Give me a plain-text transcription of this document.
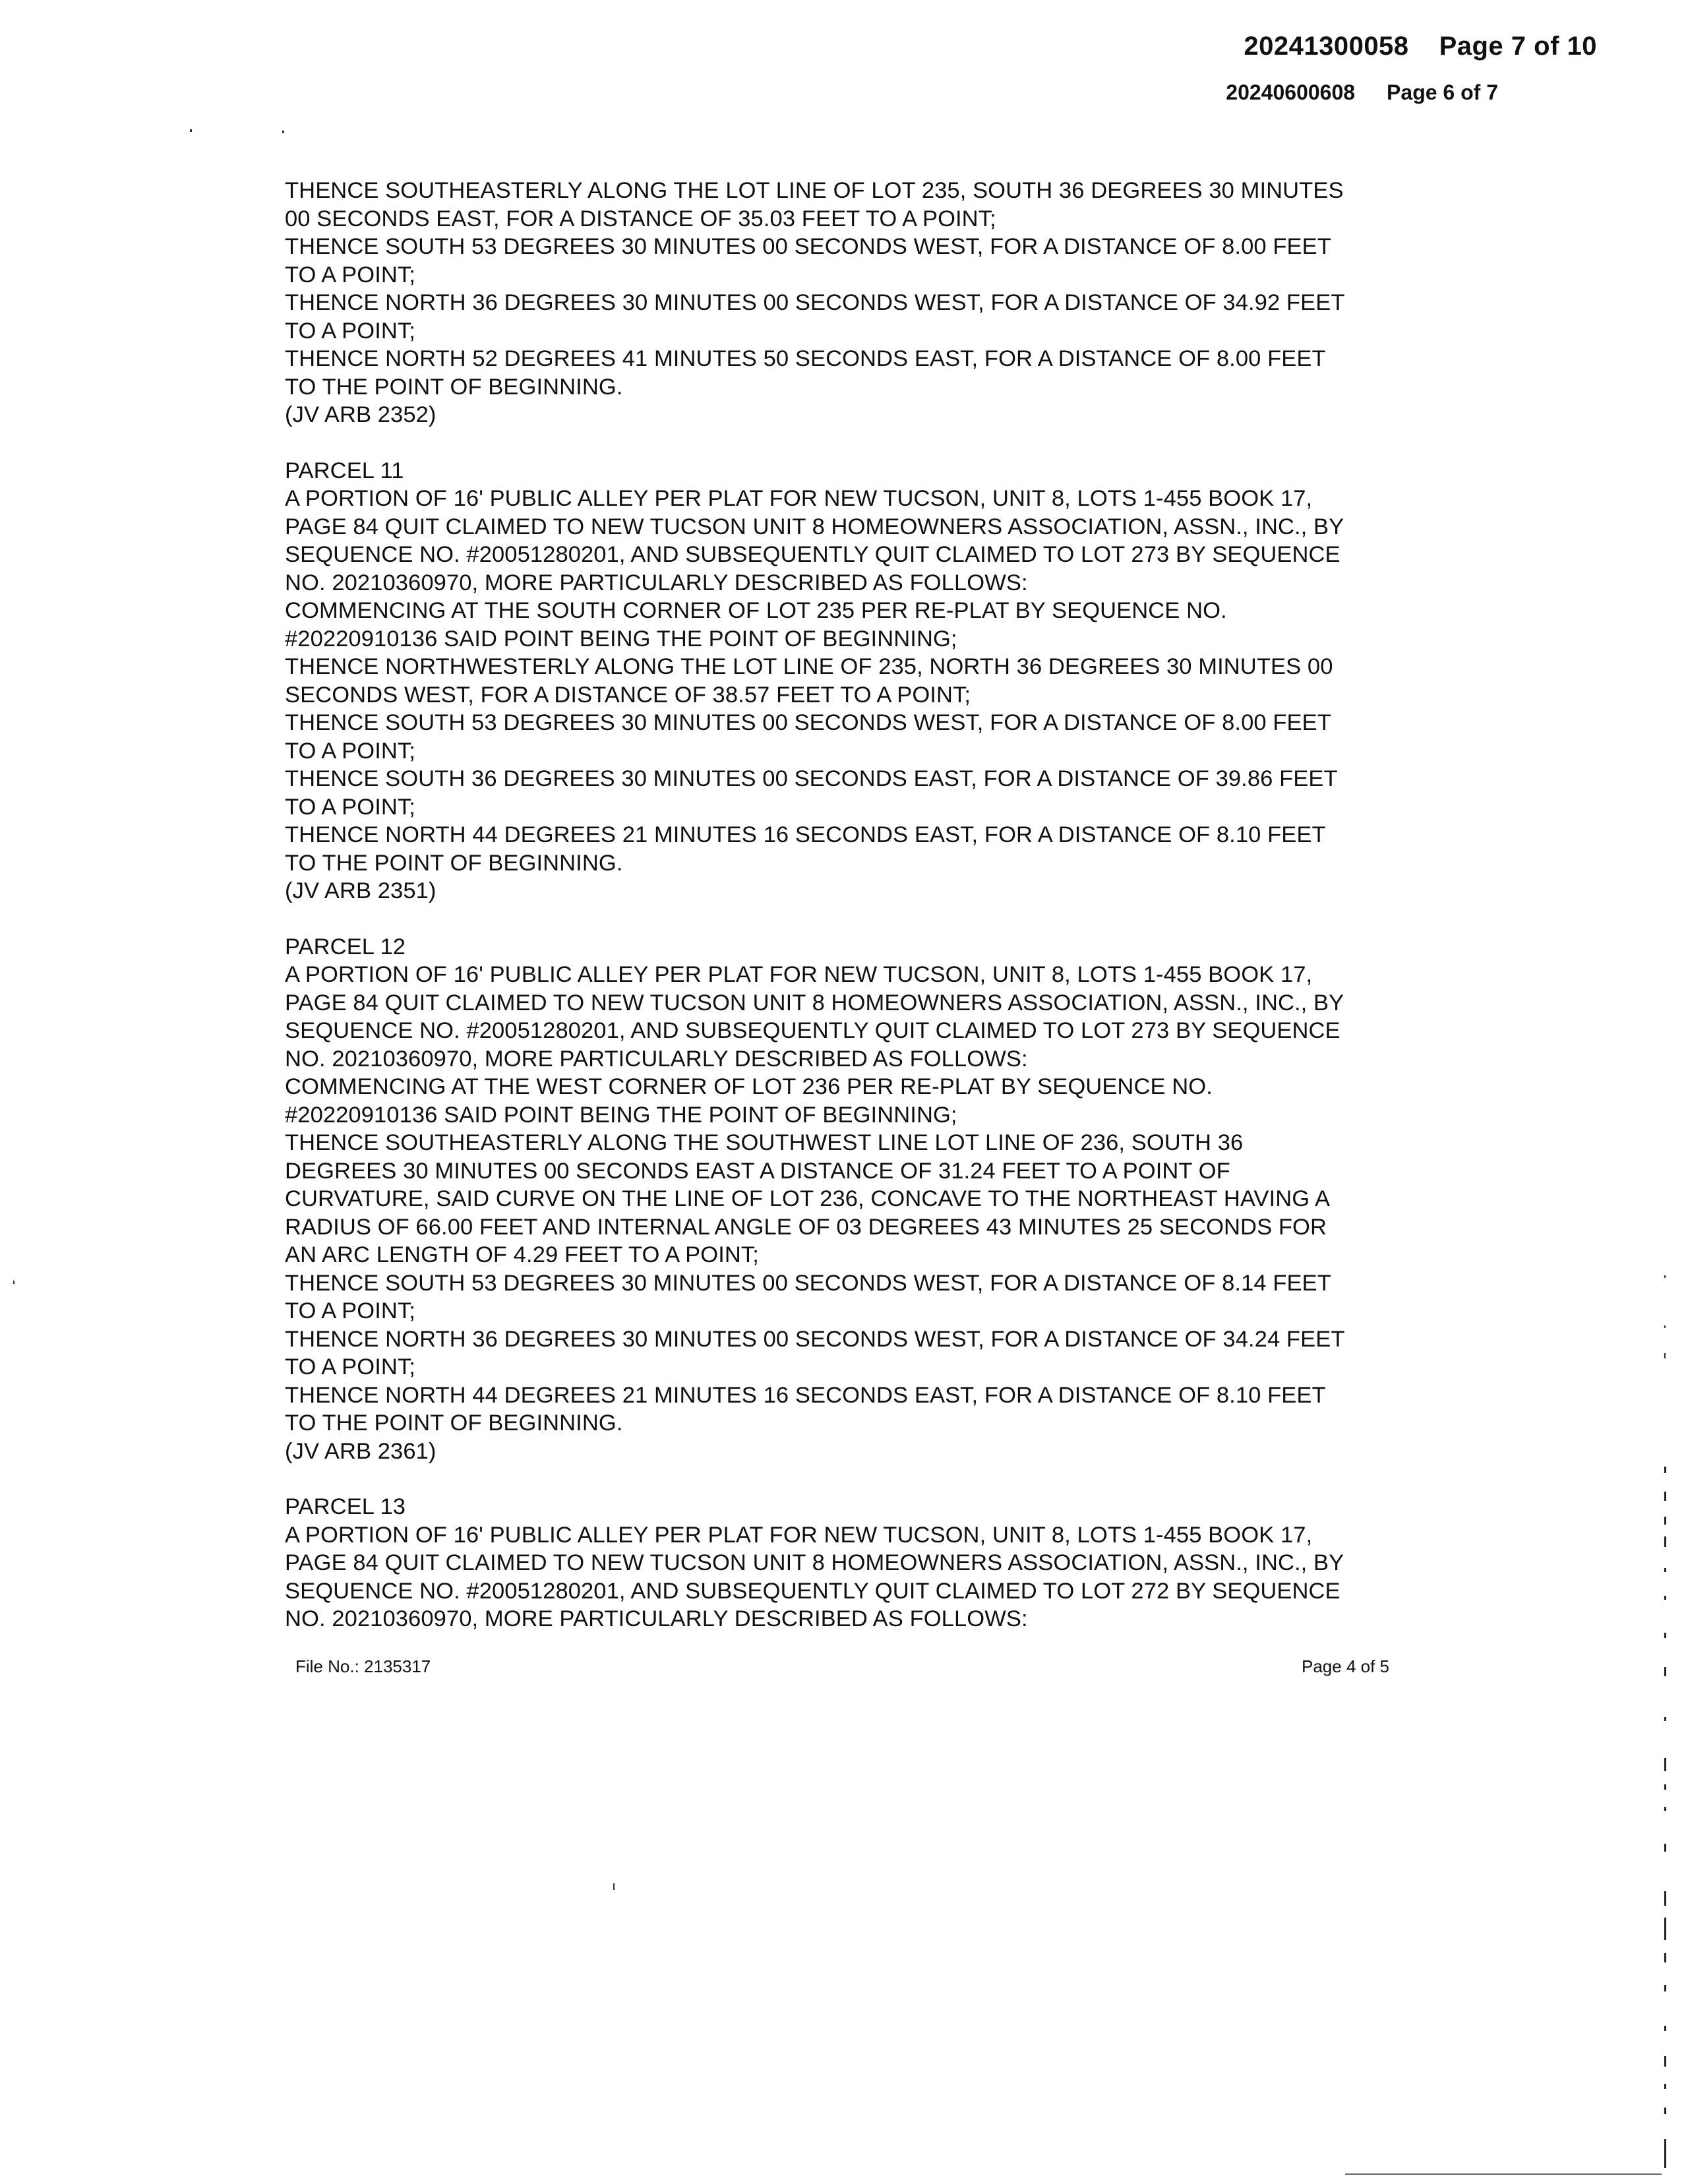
20241300058 Page 7 of 10
20240600608 Page 6 of 7
THENCE SOUTHEASTERLY ALONG THE LOT LINE OF LOT 235, SOUTH 36 DEGREES 30 MINUTES
00 SECONDS EAST, FOR A DISTANCE OF 35.03 FEET TO A POINT;
THENCE SOUTH 53 DEGREES 30 MINUTES 00 SECONDS WEST, FOR A DISTANCE OF 8.00 FEET
TO A POINT;
THENCE NORTH 36 DEGREES 30 MINUTES 00 SECONDS WEST, FOR A DISTANCE OF 34.92 FEET
TO A POINT;
THENCE NORTH 52 DEGREES 41 MINUTES 50 SECONDS EAST, FOR A DISTANCE OF 8.00 FEET
TO THE POINT OF BEGINNING.
(JV ARB 2352)
PARCEL 11
A PORTION OF 16' PUBLIC ALLEY PER PLAT FOR NEW TUCSON, UNIT 8, LOTS 1-455 BOOK 17,
PAGE 84 QUIT CLAIMED TO NEW TUCSON UNIT 8 HOMEOWNERS ASSOCIATION, ASSN., INC., BY
SEQUENCE NO. #20051280201, AND SUBSEQUENTLY QUIT CLAIMED TO LOT 273 BY SEQUENCE
NO. 20210360970, MORE PARTICULARLY DESCRIBED AS FOLLOWS:
COMMENCING AT THE SOUTH CORNER OF LOT 235 PER RE-PLAT BY SEQUENCE NO.
#20220910136 SAID POINT BEING THE POINT OF BEGINNING;
THENCE NORTHWESTERLY ALONG THE LOT LINE OF 235, NORTH 36 DEGREES 30 MINUTES 00
SECONDS WEST, FOR A DISTANCE OF 38.57 FEET TO A POINT;
THENCE SOUTH 53 DEGREES 30 MINUTES 00 SECONDS WEST, FOR A DISTANCE OF 8.00 FEET
TO A POINT;
THENCE SOUTH 36 DEGREES 30 MINUTES 00 SECONDS EAST, FOR A DISTANCE OF 39.86 FEET
TO A POINT;
THENCE NORTH 44 DEGREES 21 MINUTES 16 SECONDS EAST, FOR A DISTANCE OF 8.10 FEET
TO THE POINT OF BEGINNING.
(JV ARB 2351)
PARCEL 12
A PORTION OF 16' PUBLIC ALLEY PER PLAT FOR NEW TUCSON, UNIT 8, LOTS 1-455 BOOK 17,
PAGE 84 QUIT CLAIMED TO NEW TUCSON UNIT 8 HOMEOWNERS ASSOCIATION, ASSN., INC., BY
SEQUENCE NO. #20051280201, AND SUBSEQUENTLY QUIT CLAIMED TO LOT 273 BY SEQUENCE
NO. 20210360970, MORE PARTICULARLY DESCRIBED AS FOLLOWS:
COMMENCING AT THE WEST CORNER OF LOT 236 PER RE-PLAT BY SEQUENCE NO.
#20220910136 SAID POINT BEING THE POINT OF BEGINNING;
THENCE SOUTHEASTERLY ALONG THE SOUTHWEST LINE LOT LINE OF 236, SOUTH 36
DEGREES 30 MINUTES 00 SECONDS EAST A DISTANCE OF 31.24 FEET TO A POINT OF
CURVATURE, SAID CURVE ON THE LINE OF LOT 236, CONCAVE TO THE NORTHEAST HAVING A
RADIUS OF 66.00 FEET AND INTERNAL ANGLE OF 03 DEGREES 43 MINUTES 25 SECONDS FOR
AN ARC LENGTH OF 4.29 FEET TO A POINT;
THENCE SOUTH 53 DEGREES 30 MINUTES 00 SECONDS WEST, FOR A DISTANCE OF 8.14 FEET
TO A POINT;
THENCE NORTH 36 DEGREES 30 MINUTES 00 SECONDS WEST, FOR A DISTANCE OF 34.24 FEET
TO A POINT;
THENCE NORTH 44 DEGREES 21 MINUTES 16 SECONDS EAST, FOR A DISTANCE OF 8.10 FEET
TO THE POINT OF BEGINNING.
(JV ARB 2361)
PARCEL 13
A PORTION OF 16' PUBLIC ALLEY PER PLAT FOR NEW TUCSON, UNIT 8, LOTS 1-455 BOOK 17,
PAGE 84 QUIT CLAIMED TO NEW TUCSON UNIT 8 HOMEOWNERS ASSOCIATION, ASSN., INC., BY
SEQUENCE NO. #20051280201, AND SUBSEQUENTLY QUIT CLAIMED TO LOT 272 BY SEQUENCE
NO. 20210360970, MORE PARTICULARLY DESCRIBED AS FOLLOWS:
File No.: 2135317	Page 4 of 5
